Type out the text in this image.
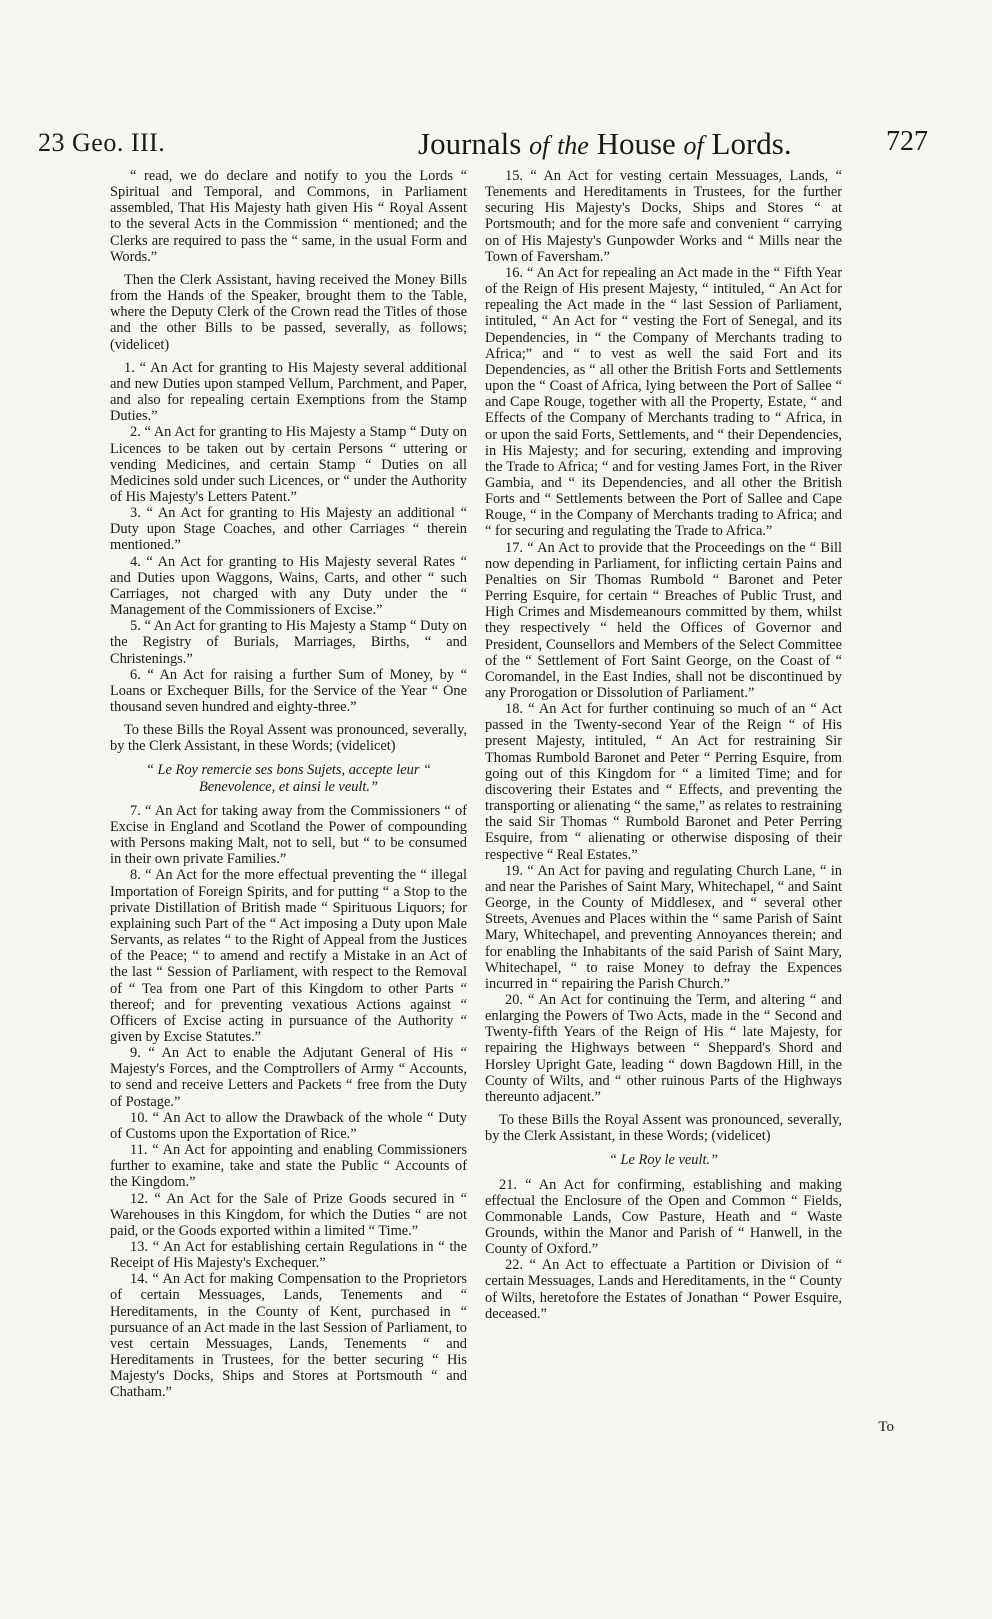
23 Geo. III.	Journals of the House of Lords.	727

“ read, we do declare and notify to you the Lords “ Spiritual and Temporal, and Commons, in Parliament assembled, That His Majesty hath given His “ Royal Assent to the several Acts in the Commission “ mentioned; and the Clerks are required to pass the “ same, in the usual Form and Words.”

Then the Clerk Assistant, having received the Money Bills from the Hands of the Speaker, brought them to the Table, where the Deputy Clerk of the Crown read the Titles of those and the other Bills to be passed, severally, as follows; (videlicet)

1. “ An Act for granting to His Majesty several additional and new Duties upon stamped Vellum, Parchment, and Paper, and also for repealing certain Exemptions from the Stamp Duties.”

2. “ An Act for granting to His Majesty a Stamp “ Duty on Licences to be taken out by certain Persons “ uttering or vending Medicines, and certain Stamp “ Duties on all Medicines sold under such Licences, or “ under the Authority of His Majesty's Letters Patent.”

3. “ An Act for granting to His Majesty an additional “ Duty upon Stage Coaches, and other Carriages “ therein mentioned.”

4. “ An Act for granting to His Majesty several Rates “ and Duties upon Waggons, Wains, Carts, and other “ such Carriages, not charged with any Duty under the “ Management of the Commissioners of Excise.”

5. “ An Act for granting to His Majesty a Stamp “ Duty on the Registry of Burials, Marriages, Births, “ and Christenings.”

6. “ An Act for raising a further Sum of Money, by “ Loans or Exchequer Bills, for the Service of the Year “ One thousand seven hundred and eighty-three.”

To these Bills the Royal Assent was pronounced, severally, by the Clerk Assistant, in these Words; (videlicet)

“ Le Roy remercie ses bons Sujets, accepte leur “ Benevolence, et ainsi le veult.”

7. “ An Act for taking away from the Commissioners “ of Excise in England and Scotland the Power of compounding with Persons making Malt, not to sell, but “ to be consumed in their own private Families.”

8. “ An Act for the more effectual preventing the “ illegal Importation of Foreign Spirits, and for putting “ a Stop to the private Distillation of British made “ Spirituous Liquors; for explaining such Part of the “ Act imposing a Duty upon Male Servants, as relates “ to the Right of Appeal from the Justices of the Peace; “ to amend and rectify a Mistake in an Act of the last “ Session of Parliament, with respect to the Removal of “ Tea from one Part of this Kingdom to other Parts “ thereof; and for preventing vexatious Actions against “ Officers of Excise acting in pursuance of the Authority “ given by Excise Statutes.”

9. “ An Act to enable the Adjutant General of His “ Majesty's Forces, and the Comptrollers of Army “ Accounts, to send and receive Letters and Packets “ free from the Duty of Postage.”

10. “ An Act to allow the Drawback of the whole “ Duty of Customs upon the Exportation of Rice.”

11. “ An Act for appointing and enabling Commissioners further to examine, take and state the Public “ Accounts of the Kingdom.”

12. “ An Act for the Sale of Prize Goods secured in “ Warehouses in this Kingdom, for which the Duties “ are not paid, or the Goods exported within a limited “ Time.”

13. “ An Act for establishing certain Regulations in “ the Receipt of His Majesty's Exchequer.”

14. “ An Act for making Compensation to the Proprietors of certain Messuages, Lands, Tenements and “ Hereditaments, in the County of Kent, purchased in “ pursuance of an Act made in the last Session of Parliament, to vest certain Messuages, Lands, Tenements “ and Hereditaments in Trustees, for the better securing “ His Majesty's Docks, Ships and Stores at Portsmouth “ and Chatham.”

15. “ An Act for vesting certain Messuages, Lands, “ Tenements and Hereditaments in Trustees, for the further securing His Majesty's Docks, Ships and Stores “ at Portsmouth; and for the more safe and convenient “ carrying on of His Majesty's Gunpowder Works and “ Mills near the Town of Faversham.”

16. “ An Act for repealing an Act made in the “ Fifth Year of the Reign of His present Majesty, “ intituled, “ An Act for repealing the Act made in the “ last Session of Parliament, intituled, “ An Act for “ vesting the Fort of Senegal, and its Dependencies, in “ the Company of Merchants trading to Africa;” and “ to vest as well the said Fort and its Dependencies, as “ all other the British Forts and Settlements upon the “ Coast of Africa, lying between the Port of Sallee “ and Cape Rouge, together with all the Property, Estate, “ and Effects of the Company of Merchants trading to “ Africa, in or upon the said Forts, Settlements, and “ their Dependencies, in His Majesty; and for securing, extending and improving the Trade to Africa; “ and for vesting James Fort, in the River Gambia, and “ its Dependencies, and all other the British Forts and “ Settlements between the Port of Sallee and Cape Rouge, “ in the Company of Merchants trading to Africa; and “ for securing and regulating the Trade to Africa.”

17. “ An Act to provide that the Proceedings on the “ Bill now depending in Parliament, for inflicting certain Pains and Penalties on Sir Thomas Rumbold “ Baronet and Peter Perring Esquire, for certain “ Breaches of Public Trust, and High Crimes and Misdemeanours committed by them, whilst they respectively “ held the Offices of Governor and President, Counsellors and Members of the Select Committee of the “ Settlement of Fort Saint George, on the Coast of “ Coromandel, in the East Indies, shall not be discontinued by any Prorogation or Dissolution of Parliament.”

18. “ An Act for further continuing so much of an “ Act passed in the Twenty-second Year of the Reign “ of His present Majesty, intituled, “ An Act for restraining Sir Thomas Rumbold Baronet and Peter “ Perring Esquire, from going out of this Kingdom for “ a limited Time; and for discovering their Estates and “ Effects, and preventing the transporting or alienating “ the same,” as relates to restraining the said Sir Thomas “ Rumbold Baronet and Peter Perring Esquire, from “ alienating or otherwise disposing of their respective “ Real Estates.”

19. “ An Act for paving and regulating Church Lane, “ in and near the Parishes of Saint Mary, Whitechapel, “ and Saint George, in the County of Middlesex, and “ several other Streets, Avenues and Places within the “ same Parish of Saint Mary, Whitechapel, and preventing Annoyances therein; and for enabling the Inhabitants of the said Parish of Saint Mary, Whitechapel, “ to raise Money to defray the Expences incurred in “ repairing the Parish Church.”

20. “ An Act for continuing the Term, and altering “ and enlarging the Powers of Two Acts, made in the “ Second and Twenty-fifth Years of the Reign of His “ late Majesty, for repairing the Highways between “ Sheppard's Shord and Horsley Upright Gate, leading “ down Bagdown Hill, in the County of Wilts, and “ other ruinous Parts of the Highways thereunto adjacent.”

To these Bills the Royal Assent was pronounced, severally, by the Clerk Assistant, in these Words; (videlicet)

“ Le Roy le veult.”

21. “ An Act for confirming, establishing and making effectual the Enclosure of the Open and Common “ Fields, Commonable Lands, Cow Pasture, Heath and “ Waste Grounds, within the Manor and Parish of “ Hanwell, in the County of Oxford.”

22. “ An Act to effectuate a Partition or Division of “ certain Messuages, Lands and Hereditaments, in the “ County of Wilts, heretofore the Estates of Jonathan “ Power Esquire, deceased.”

To
